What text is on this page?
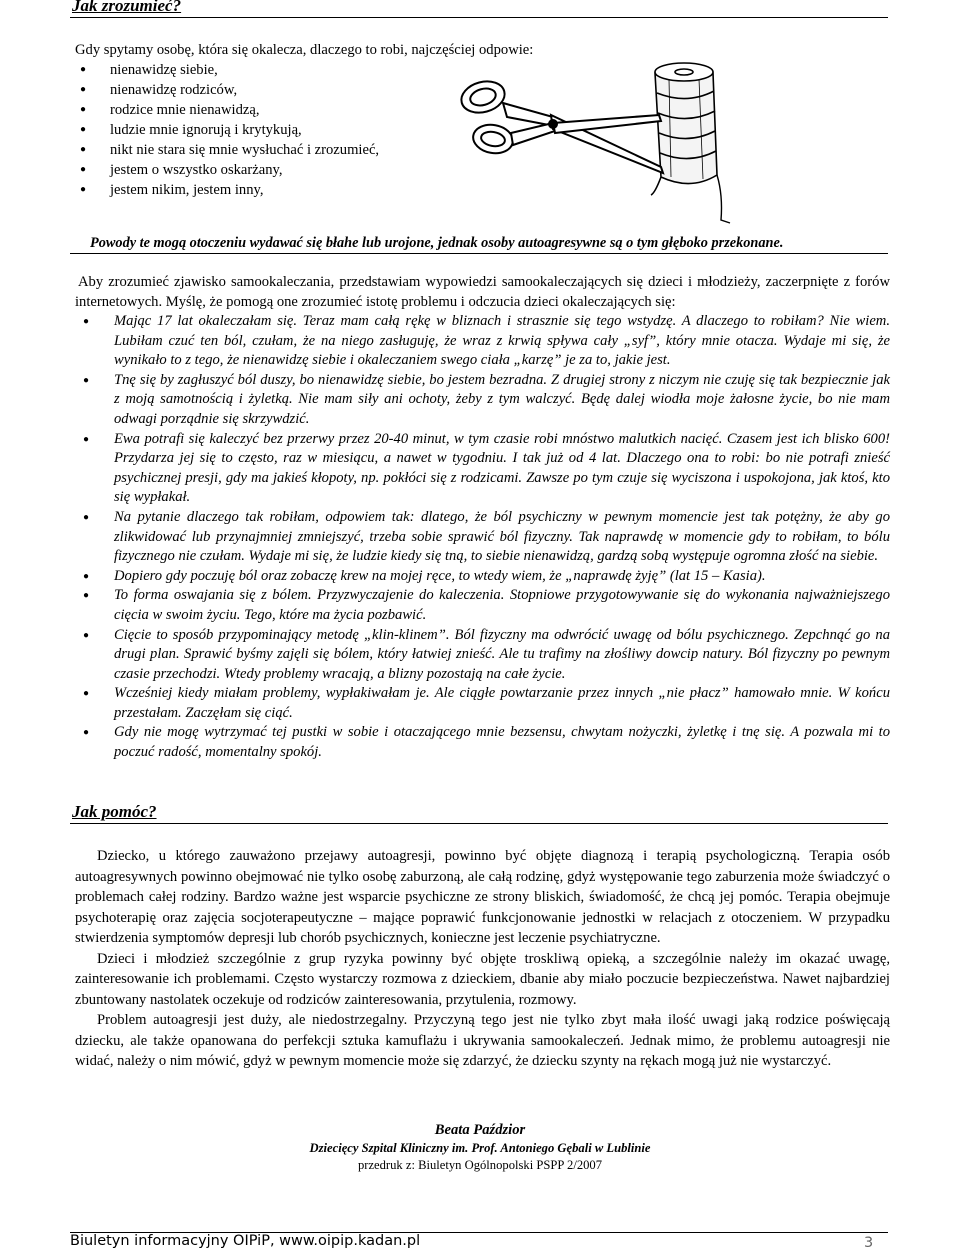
Jak zrozumieć?
Gdy spytamy osobę, która się okalecza, dlaczego to robi, najczęściej odpowie:
● nienawidzę siebie,
● nienawidzę rodziców,
● rodzice mnie nienawidzą,
● ludzie mnie ignorują i krytykują,
● nikt nie stara się mnie wysłuchać i zrozumieć,
● jestem o wszystko oskarżany,
● jestem nikim, jestem inny,
Powody te mogą otoczeniu wydawać się błahe lub urojone, jednak osoby autoagresywne są o tym głęboko przekonane.
Aby zrozumieć zjawisko samookaleczania, przedstawiam wypowiedzi samookaleczających się dzieci i młodzieży, zaczerpnięte z forów internetowych. Myślę, że pomogą one zrozumieć istotę problemu i odczucia dzieci okaleczających się:
● Mając 17 lat okaleczałam się. Teraz mam całą rękę w bliznach i strasznie się tego wstydzę. A dlaczego to robiłam? Nie wiem. Lubiłam czuć ten ból, czułam, że na niego zasługuję, że wraz z krwią spływa cały „syf”, który mnie otacza. Wydaje mi się, że wynikało to z tego, że nienawidzę siebie i okaleczaniem swego ciała „karzę” je za to, jakie jest.
● Tnę się by zagłuszyć ból duszy, bo nienawidzę siebie, bo jestem bezradna. Z drugiej strony z niczym nie czuję się tak bezpiecznie jak z moją samotnością i żyletką. Nie mam siły ani ochoty, żeby z tym walczyć. Będę dalej wiodła moje żałosne życie, bo nie mam odwagi porządnie się skrzywdzić.
● Ewa potrafi się kaleczyć bez przerwy przez 20-40 minut, w tym czasie robi mnóstwo malutkich nacięć. Czasem jest ich blisko 600! Przydarza jej się to często, raz w miesiącu, a nawet w tygodniu. I tak już od 4 lat. Dlaczego ona to robi: bo nie potrafi znieść psychicznej presji, gdy ma jakieś kłopoty, np. pokłóci się z rodzicami. Zawsze po tym czuje się wyciszona i uspokojona, jak ktoś, kto się wypłakał.
● Na pytanie dlaczego tak robiłam, odpowiem tak: dlatego, że ból psychiczny w pewnym momencie jest tak potężny, że aby go zlikwidować lub przynajmniej zmniejszyć, trzeba sobie sprawić ból fizyczny. Tak naprawdę w momencie gdy to robiłam, to bólu fizycznego nie czułam. Wydaje mi się, że ludzie kiedy się tną, to siebie nienawidzą, gardzą sobą występuje ogromna złość na siebie.
● Dopiero gdy poczuję ból oraz zobaczę krew na mojej ręce, to wtedy wiem, że „naprawdę żyję” (lat 15 – Kasia).
● To forma oswajania się z bólem. Przyzwyczajenie do kaleczenia. Stopniowe przygotowywanie się do wykonania najważniejszego cięcia w swoim życiu. Tego, które ma życia pozbawić.
● Cięcie to sposób przypominający metodę „klin-klinem”. Ból fizyczny ma odwrócić uwagę od bólu psychicznego. Zepchnąć go na drugi plan. Sprawić byśmy zajęli się bólem, który łatwiej znieść. Ale tu trafimy na złośliwy dowcip natury. Ból fizyczny po pewnym czasie przechodzi. Wtedy problemy wracają, a blizny pozostają na całe życie.
● Wcześniej kiedy miałam problemy, wypłakiwałam je. Ale ciągłe powtarzanie przez innych „nie płacz” hamowało mnie. W końcu przestałam. Zaczęłam się ciąć.
● Gdy nie mogę wytrzymać tej pustki w sobie i otaczającego mnie bezsensu, chwytam nożyczki, żyletkę i tnę się. A pozwala mi to poczuć radość, momentalny spokój.
Jak pomóc?

Dziecko, u którego zauważono przejawy autoagresji, powinno być objęte diagnozą i terapią psychologiczną. Terapia osób autoagresywnych powinno obejmować nie tylko osobę zaburzoną, ale całą rodzinę, gdyż występowanie tego zaburzenia może świadczyć o problemach całej rodziny. Bardzo ważne jest wsparcie psychiczne ze strony bliskich, świadomość, że chcą jej pomóc. Terapia obejmuje psychoterapię oraz zajęcia socjoterapeutyczne – mające poprawić funkcjonowanie jednostki w relacjach z otoczeniem. W przypadku stwierdzenia symptomów depresji lub chorób psychicznych, konieczne jest leczenie psychiatryczne.

Dzieci i młodzież szczególnie z grup ryzyka powinny być objęte troskliwą opieką, a szczególnie należy im okazać uwagę, zainteresowanie ich problemami. Często wystarczy rozmowa z dzieckiem, dbanie aby miało poczucie bezpieczeństwa. Nawet najbardziej zbuntowany nastolatek oczekuje od rodziców zainteresowania, przytulenia, rozmowy.

Problem autoagresji jest duży, ale niedostrzegalny. Przyczyną tego jest nie tylko zbyt mała ilość uwagi jaką rodzice poświęcają dziecku, ale także opanowana do perfekcji sztuka kamuflażu i ukrywania samookaleczeń. Jednak mimo, że problemu autoagresji nie widać, należy o nim mówić, gdyż w pewnym momencie może się zdarzyć, że dziecku szynty na rękach mogą już nie wystarczyć.

Beata Paździor
Dziecięcy Szpital Kliniczny im. Prof. Antoniego Gębali w Lublinie
przedruk z: Biuletyn Ogólnopolski PSPP 2/2007
Biuletyn informacyjny OIPiP, www.oipip.kadan.pl	3
